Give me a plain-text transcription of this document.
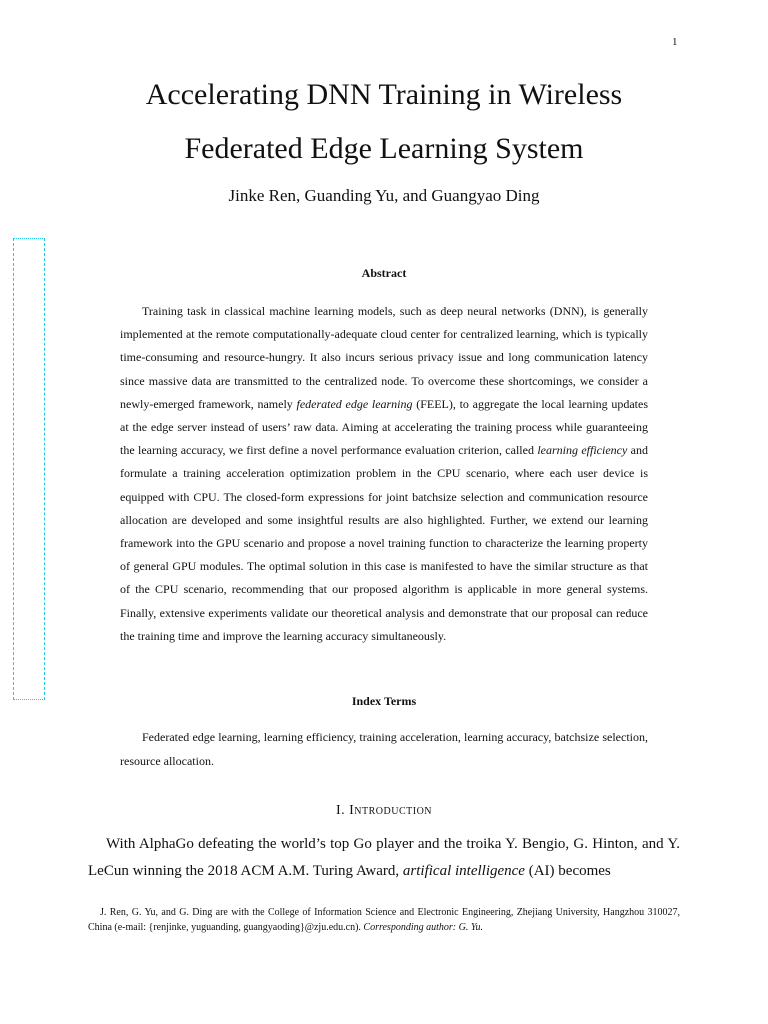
1
Accelerating DNN Training in Wireless
Federated Edge Learning System
Jinke Ren, Guanding Yu, and Guangyao Ding
Abstract

Training task in classical machine learning models, such as deep neural networks (DNN), is generally implemented at the remote computationally-adequate cloud center for centralized learning, which is typically time-consuming and resource-hungry. It also incurs serious privacy issue and long communication latency since massive data are transmitted to the centralized node. To overcome these shortcomings, we consider a newly-emerged framework, namely federated edge learning (FEEL), to aggregate the local learning updates at the edge server instead of users’ raw data. Aiming at accelerating the training process while guaranteeing the learning accuracy, we first define a novel performance evaluation criterion, called learning efficiency and formulate a training acceleration optimization problem in the CPU scenario, where each user device is equipped with CPU. The closed-form expressions for joint batchsize selection and communication resource allocation are developed and some insightful results are also highlighted. Further, we extend our learning framework into the GPU scenario and propose a novel training function to characterize the learning property of general GPU modules. The optimal solution in this case is manifested to have the similar structure as that of the CPU scenario, recommending that our proposed algorithm is applicable in more general systems. Finally, extensive experiments validate our theoretical analysis and demonstrate that our proposal can reduce the training time and improve the learning accuracy simultaneously.

Index Terms

Federated edge learning, learning efficiency, training acceleration, learning accuracy, batchsize selection, resource allocation.

I. Introduction

With AlphaGo defeating the world’s top Go player and the troika Y. Bengio, G. Hinton, and Y. LeCun winning the 2018 ACM A.M. Turing Award, artifical intelligence (AI) becomes

J. Ren, G. Yu, and G. Ding are with the College of Information Science and Electronic Engineering, Zhejiang University, Hangzhou 310027, China (e-mail: {renjinke, yuguanding, guangyaoding}@zju.edu.cn). Corresponding author: G. Yu.
